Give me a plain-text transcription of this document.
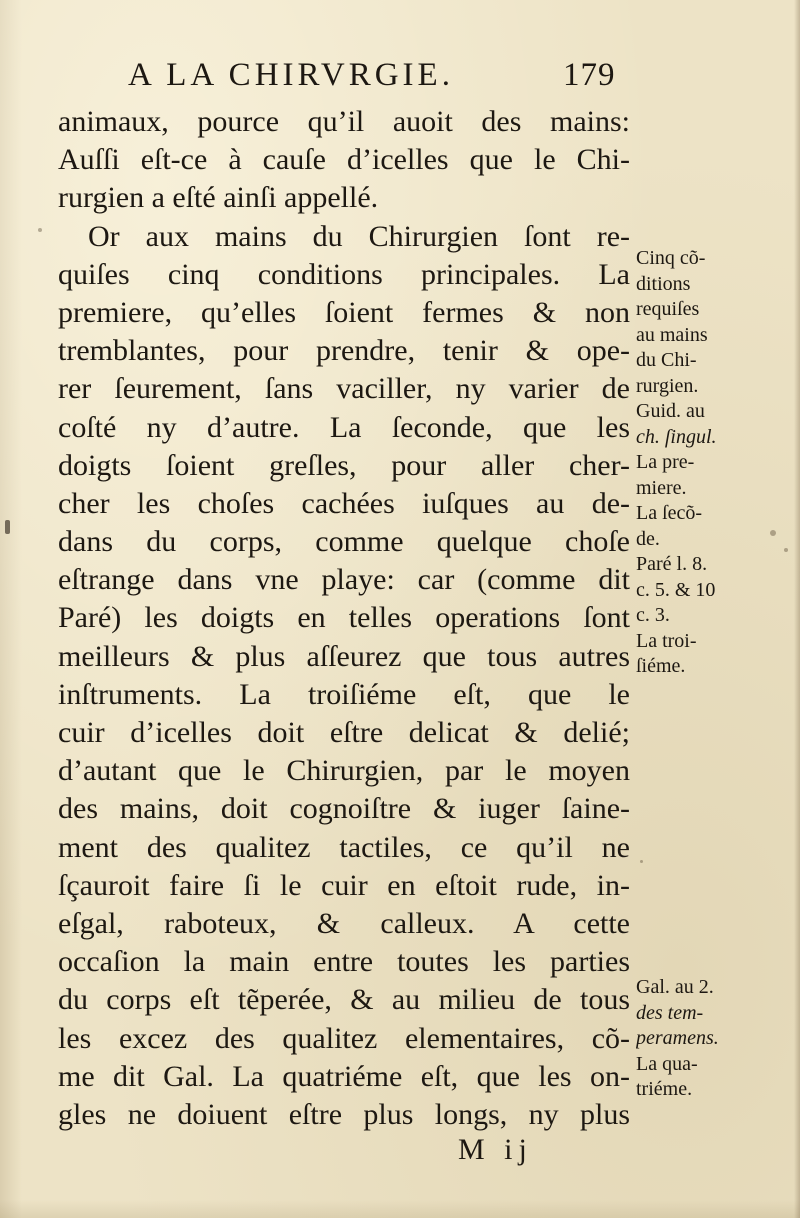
A LA CHIRVRGIE.	179
animaux, pource qu’il auoit des mains:
Auſſi eſt-ce à cauſe d’icelles que le Chi-
rurgien a eſté ainſi appellé.
Or aux mains du Chirurgien ſont re-
quiſes cinq conditions principales. La
premiere, qu’elles ſoient fermes & non
tremblantes, pour prendre, tenir & ope-
rer ſeurement, ſans vaciller, ny varier de
coſté ny d’autre. La ſeconde, que les
doigts ſoient greſles, pour aller cher-
cher les choſes cachées iuſques au de-
dans du corps, comme quelque choſe
eſtrange dans vne playe: car (comme dit
Paré) les doigts en telles operations ſont
meilleurs & plus aſſeurez que tous autres
inſtruments. La troiſiéme eſt, que le
cuir d’icelles doit eſtre delicat & delié;
d’autant que le Chirurgien, par le moyen
des mains, doit cognoiſtre & iuger ſaine-
ment des qualitez tactiles, ce qu’il ne
ſçauroit faire ſi le cuir en eſtoit rude, in-
eſgal, raboteux, & calleux. A cette
occaſion la main entre toutes les parties
du corps eſt tẽperée, & au milieu de tous
les excez des qualitez elementaires, cõ-
me dit Gal. La quatriéme eſt, que les on-
gles ne doiuent eſtre plus longs, ny plus
Cinq cõ-
ditions
requiſes
au mains
du Chi-
rurgien.
Guid. au
ch. ſingul.
La pre-
miere.
La ſecõ-
de.
Paré l. 8.
c. 5. & 10
c. 3.
La troi-
ſiéme.
Gal. au 2.
des tem-
peramens.
La qua-
triéme.
M ij
